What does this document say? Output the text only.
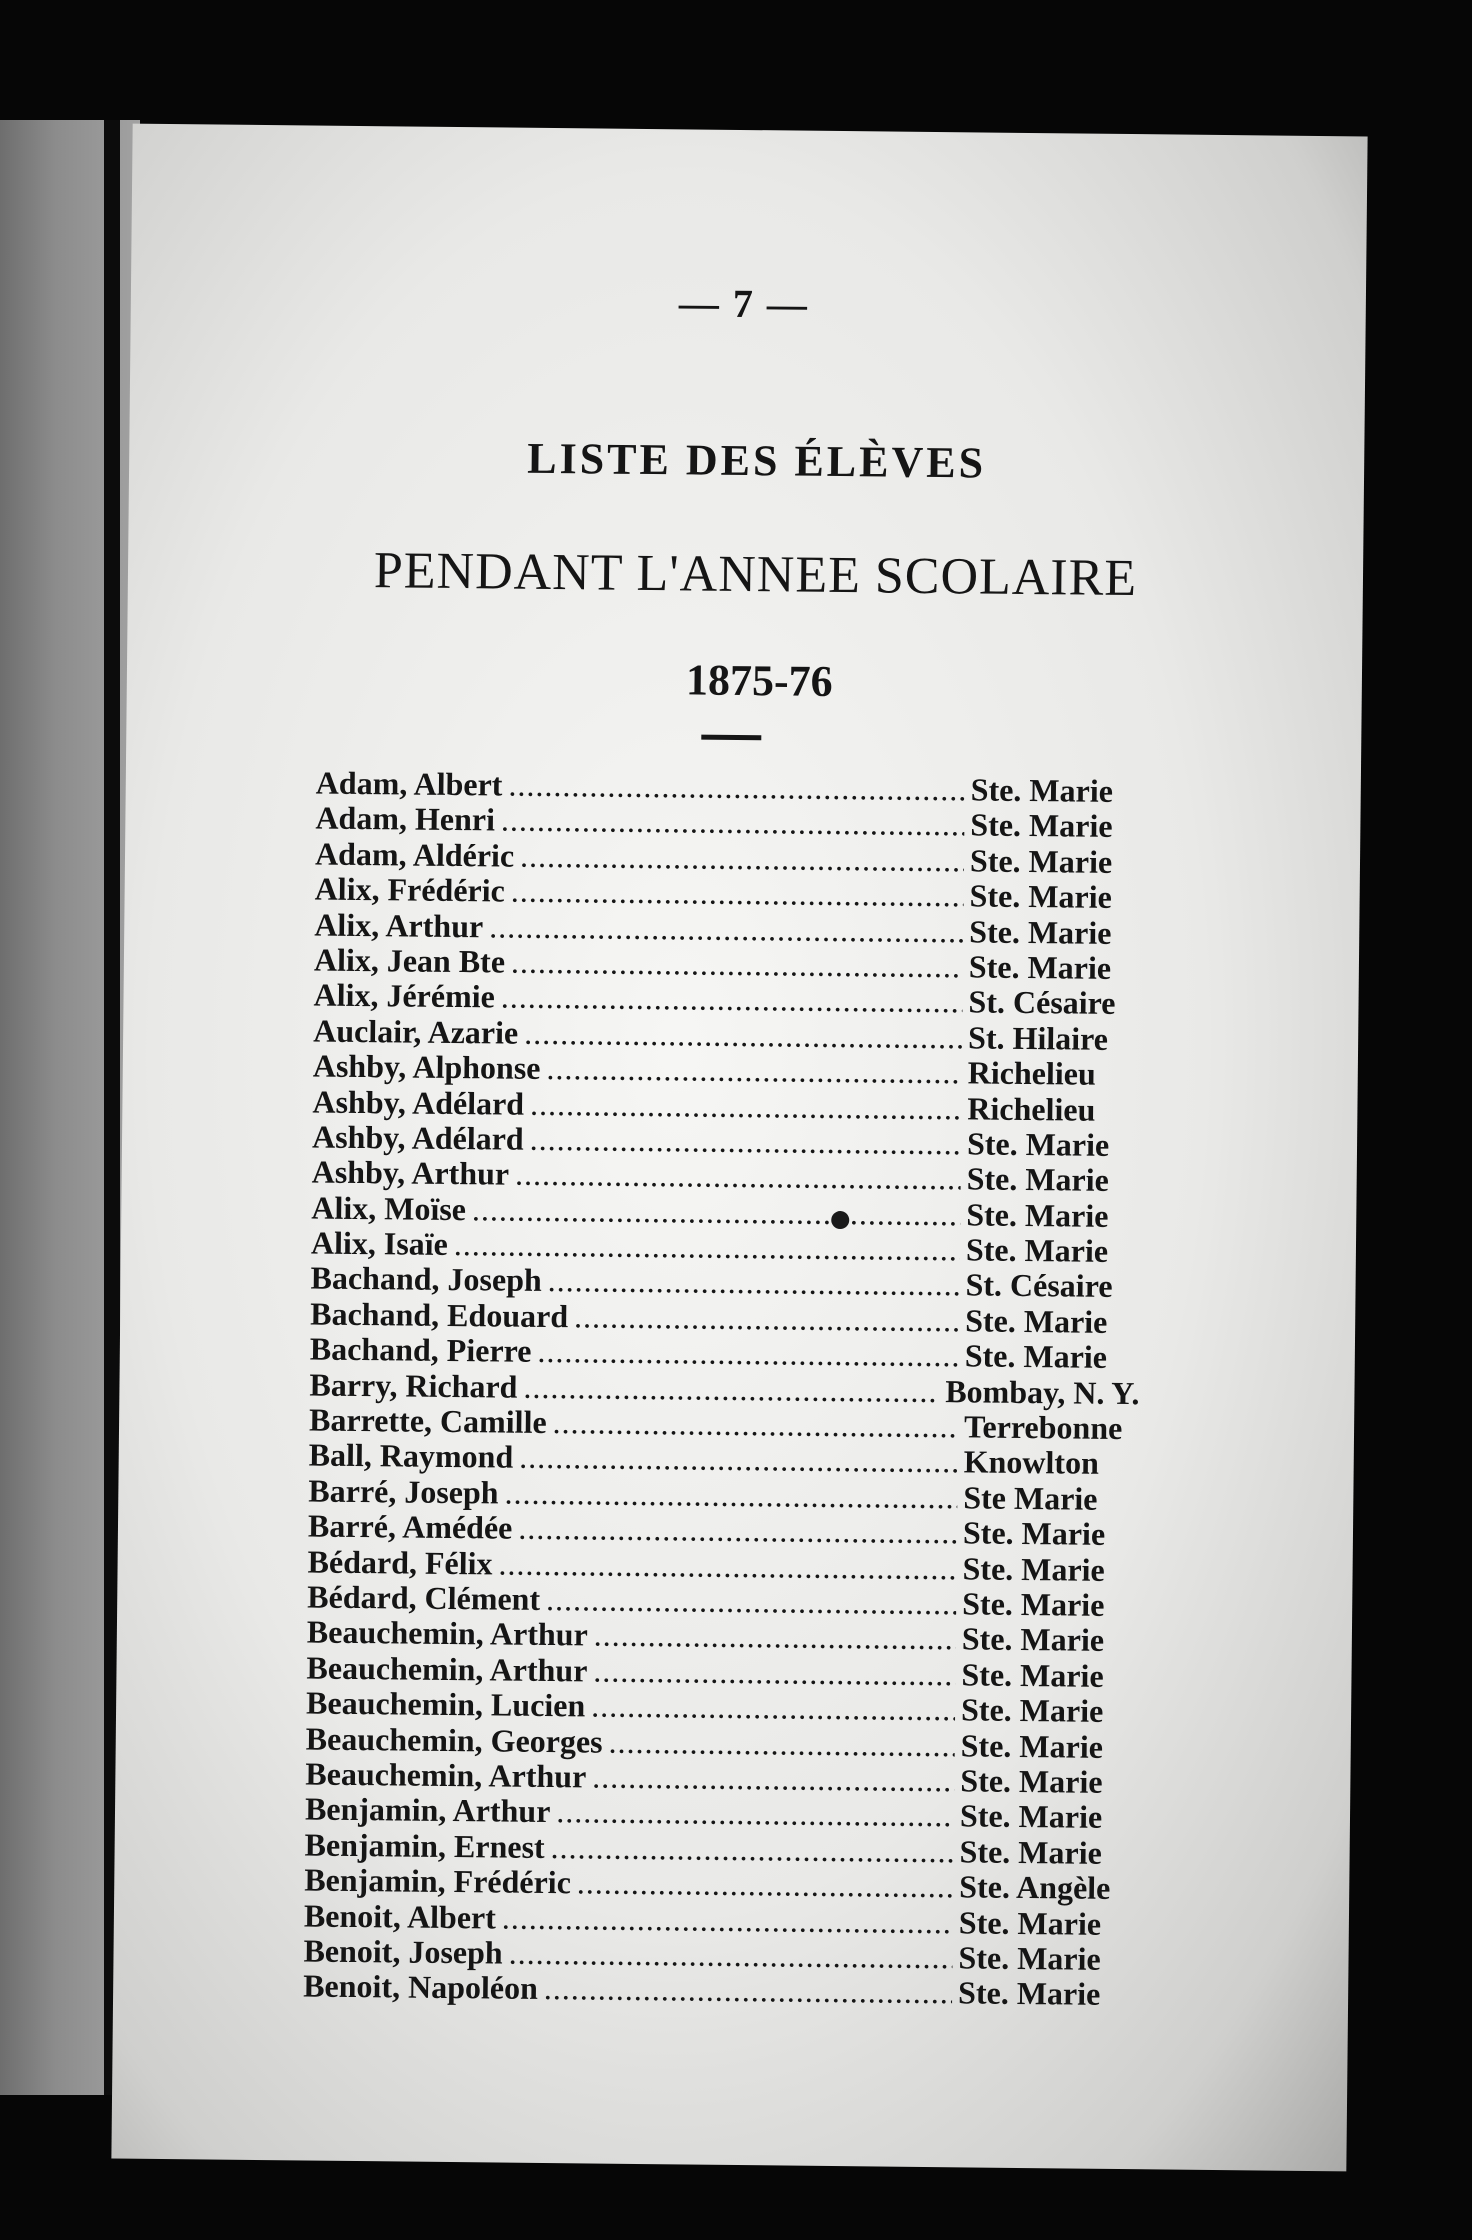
— 7 —
LISTE DES ÉLÈVES
PENDANT L'ANNEE SCOLAIRE
1875-76
Adam, Albert .....	Ste. Marie
Adam, Henri .....	Ste. Marie
Adam, Aldéric .....	Ste. Marie
Alix, Frédéric .....	Ste. Marie
Alix, Arthur .....	Ste. Marie
Alix, Jean Bte .....	Ste. Marie
Alix, Jérémie .....	St. Césaire
Auclair, Azarie .....	St. Hilaire
Ashby, Alphonse .....	Richelieu
Ashby, Adélard .....	Richelieu
Ashby, Adélard .....	Ste. Marie
Ashby, Arthur .....	Ste. Marie
Alix, Moïse .....	Ste. Marie
Alix, Isaïe .....	Ste. Marie
Bachand, Joseph .....	St. Césaire
Bachand, Edouard .....	Ste. Marie
Bachand, Pierre .....	Ste. Marie
Barry, Richard .....	Bombay, N. Y.
Barrette, Camille .....	Terrebonne
Ball, Raymond .....	Knowlton
Barré, Joseph .....	Ste Marie
Barré, Amédée .....	Ste. Marie
Bédard, Félix .....	Ste. Marie
Bédard, Clément .....	Ste. Marie
Beauchemin, Arthur .....	Ste. Marie
Beauchemin, Arthur .....	Ste. Marie
Beauchemin, Lucien .....	Ste. Marie
Beauchemin, Georges .....	Ste. Marie
Beauchemin, Arthur .....	Ste. Marie
Benjamin, Arthur .....	Ste. Marie
Benjamin, Ernest .....	Ste. Marie
Benjamin, Frédéric .....	Ste. Angèle
Benoit, Albert .....	Ste. Marie
Benoit, Joseph .....	Ste. Marie
Benoit, Napoléon .....	Ste. Marie
